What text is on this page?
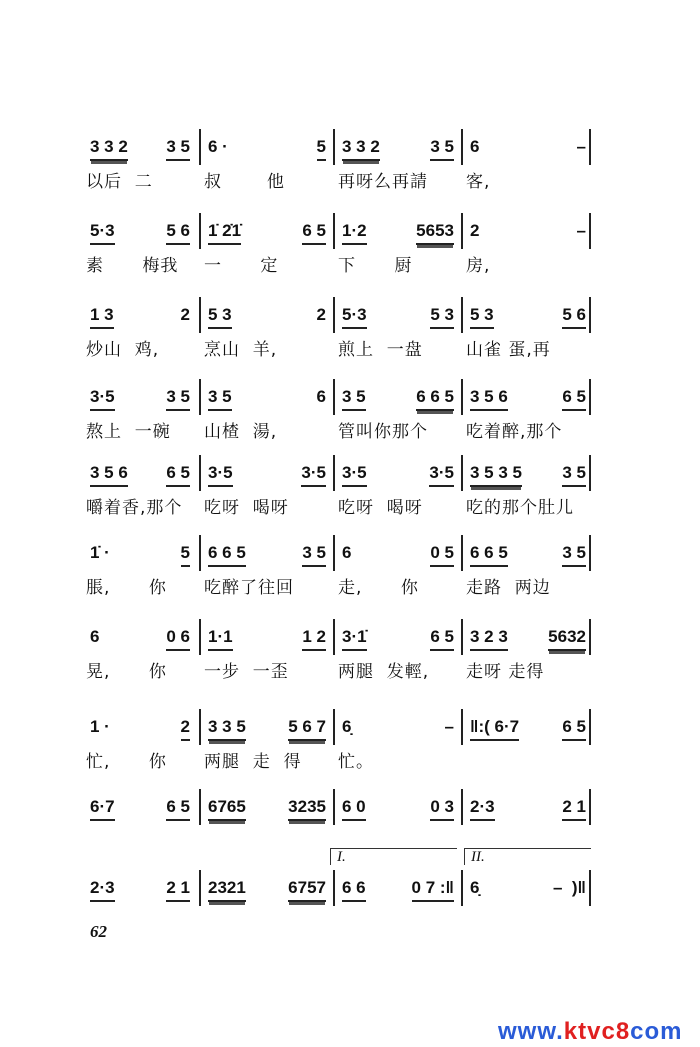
3 3 2 3 5
以后  二
6 ·	5
叔       他
3 3 2	3 5
再呀么再請
6	–
客,
5·3	5 6
素      梅我
1̇ 2̇1̇	6 5
一      定
1·2	5653
下      厨
2	–
房,
1 3	2
炒山  鸡,
5 3	2
烹山  羊,
5·3	5 3
煎上  一盘
5 3	5 6
山雀 蛋,再
3·5	3 5
熬上  一碗
3 5	6
山楂  湯,
3 5	6 6 5
管叫你那个
3 5 6	6 5
吃着醉,那个
3 5 6 6 5
嚼着香,那个
3·5	3·5
吃呀  喝呀
3·5	3·5
吃呀  喝呀
3 5 3 5 3 5
吃的那个肚儿
1̇ ·	5
脹,      你
6 6 5	3 5
吃醉了往回
6	0 5
走,      你
6 6 5	3 5
走路  两边
6	0 6
晃,      你
1·1	1 2
一步  一歪
3·1̇	6 5
两腿  发輕,
3 2 3 5632
走呀 走得
1 ·	2
忙,      你
3 3 5 5 6 7
两腿  走  得
6̣	–
忙。
‖:( 6·7	6 5
6·7	6 5 6765 3235 6 0	0 3 2·3	2 1
2·3	2 1 2321 6757 6 6	0 7 :‖ 6̣	–  )‖
I.	II.
62
www.ktvc8com
